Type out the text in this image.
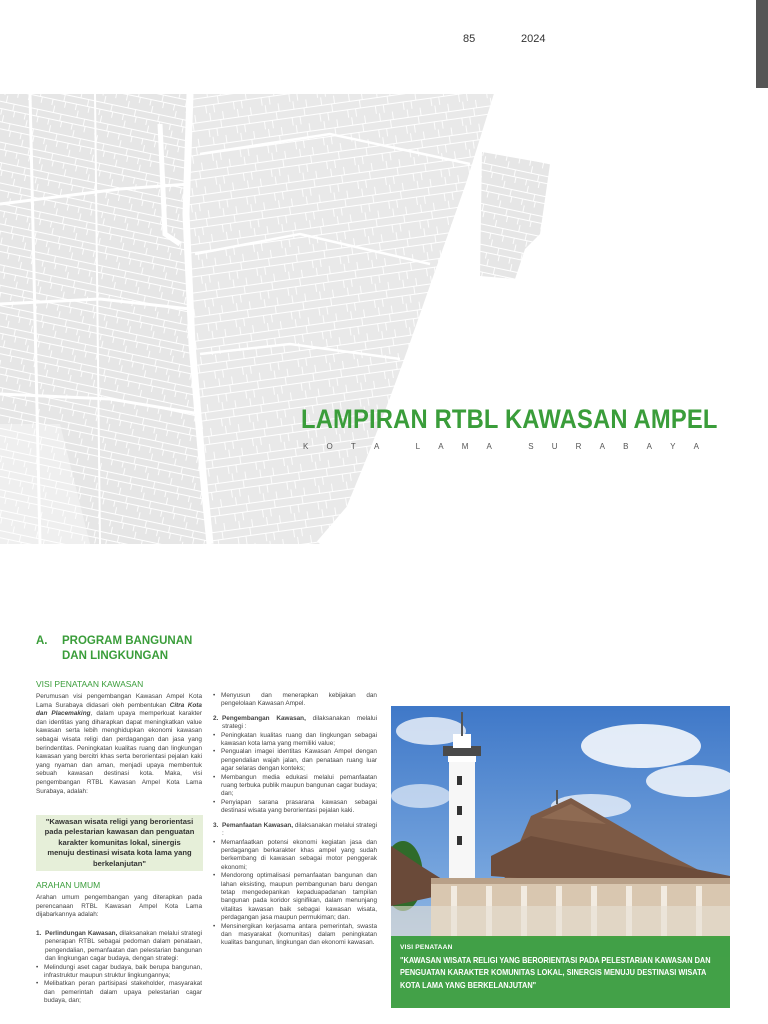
85	2024
LAMPIRAN RTBL KAWASAN AMPEL
K O T A	L A M A	S U R A B A Y A
A. PROGRAM BANGUNAN DAN LINGKUNGAN
VISI PENATAAN KAWASAN

Perumusan visi pengembangan Kawasan Ampel Kota Lama Surabaya didasari oleh pembentukan Citra Kota dan Placemaking, dalam upaya memperkuat karakter dan identitas yang diharapkan dapat meningkatkan value kawasan serta lebih menghidupkan ekonomi kawasan sebagai wisata religi dan perdagangan dan jasa yang berindentitas. Peningkatan kualitas ruang dan lingkungan kawasan yang bercitri khas serta berorientasi pejalan kaki yang nyaman dan aman, menjadi upaya membentuk sebuah kawasan destinasi kota. Maka, visi pengembangan RTBL Kawasan Ampel Kota Lama Surabaya, adalah:

"Kawasan wisata religi yang berorientasi pada pelestarian kawasan dan penguatan karakter komunitas lokal, sinergis menuju destinasi wisata kota lama yang berkelanjutan"

ARAHAN UMUM

Arahan umum pengembangan yang diterapkan pada perencanaan RTBL Kawasan Ampel Kota Lama dijabarkannya adalah:

1. Perlindungan Kawasan, dilaksanakan melalui strategi penerapan RTBL sebagai pedoman dalam penataan, pengendalian, pemanfaatan dan pelestarian bangunan dan lingkungan cagar budaya, dengan strategi:
• Melindungi aset cagar budaya, baik berupa bangunan, infrastruktur maupun struktur lingkungannya;
• Melibatkan peran partisipasi stakeholder, masyarakat dan pemerintah dalam upaya pelestarian cagar budaya, dan;
• Menyusun dan menerapkan kebijakan dan pengelolaan Kawasan Ampel.
2. Pengembangan Kawasan, dilaksanakan melalui strategi :
• Peningkatan kualitas ruang dan lingkungan sebagai kawasan kota lama yang memiliki value;
• Pengualan imagei identitas Kawasan Ampel dengan pengendalian wajah jalan, dan penataan ruang luar agar selaras dengan konteks;
• Membangun media edukasi melalui pemanfaatan ruang terbuka publik maupun bangunan cagar budaya; dan;
• Penyiapan sarana prasarana kawasan sebagai destinasi wisata yang berorientasi pejalan kaki.
3. Pemanfaatan Kawasan, dilaksanakan melalui strategi :
• Memanfaatkan potensi ekonomi kegiatan jasa dan perdagangan berkarakter khas ampel yang sudah berkembang di kawasan sebagai motor penggerak ekonomi;
• Mendorong optimalisasi pemanfaatan bangunan dan lahan eksisting, maupun pembangunan baru dengan tetap mengedepankan kepaduapadanan tampilan bangunan pada koridor signifikan, dalam menunjang vitalitas kawasan baik sebagai kawasan wisata, perdagangan jasa maupun permukiman; dan.
• Mensinergikan kerjasama antara pemerintah, swasta dan masyarakat (komunitas) dalam peningkatan kualitas bangunan, lingkungan dan ekonomi kawasan.
VISI PENATAAN
"KAWASAN WISATA RELIGI YANG BERORIENTASI PADA PELESTARIAN KAWASAN DAN PENGUATAN KARAKTER KOMUNITAS LOKAL, SINERGIS MENUJU DESTINASI WISATA KOTA LAMA YANG BERKELANJUTAN"
